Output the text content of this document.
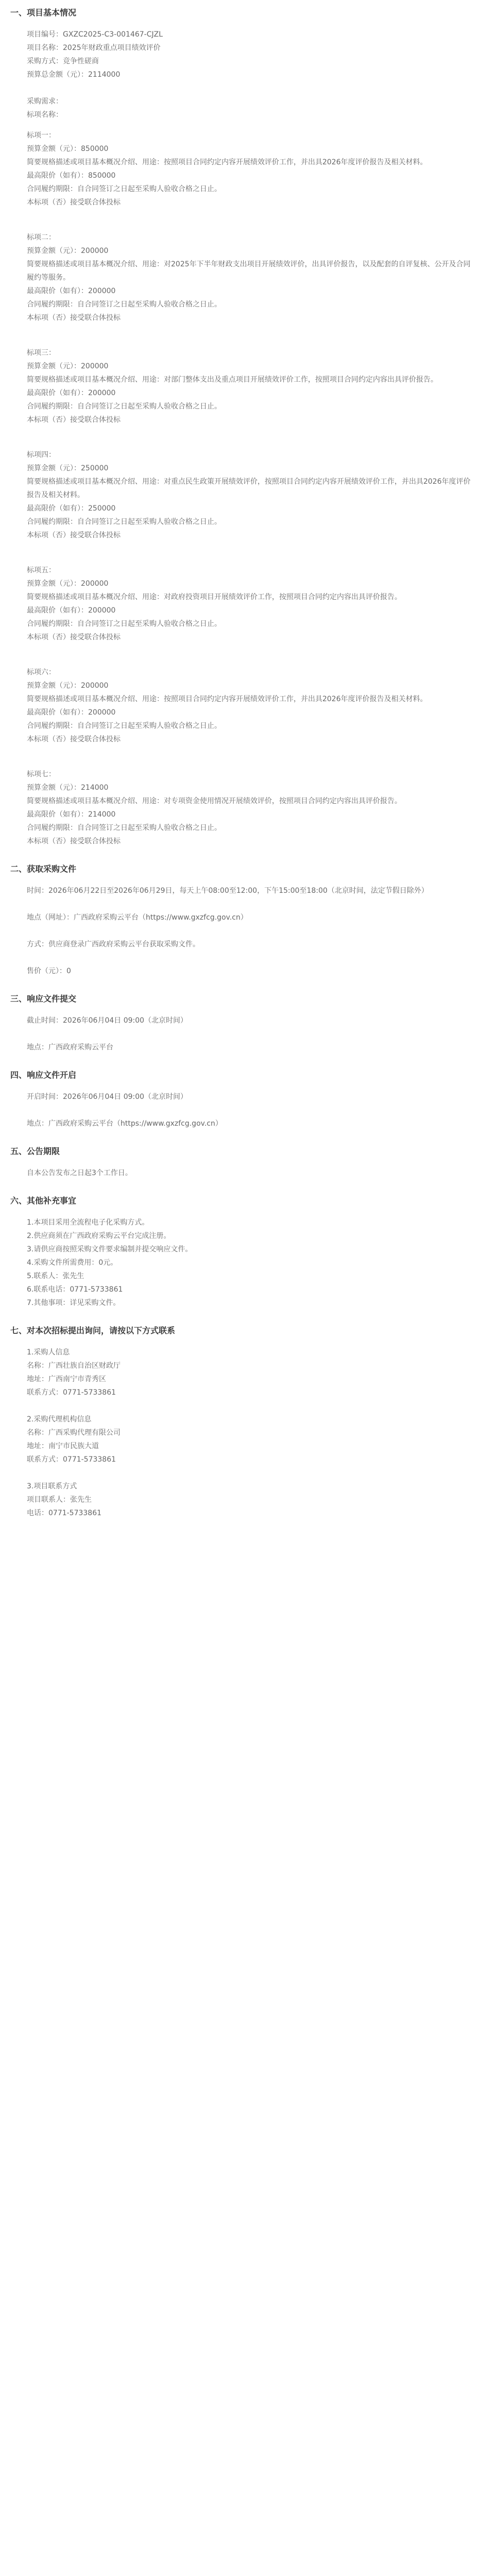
一、项目基本情况
项目编号：GXZC2025-C3-001467-CJZL
项目名称：2025年财政重点项目绩效评价
采购方式：竞争性磋商
预算总金额（元）：2114000
采购需求：
标项名称：
标项一：
预算金额（元）：850000
简要规格描述或项目基本概况介绍、用途：按照项目合同约定内容开展绩效评价工作，并出具2026年度评价报告及相关材料。
最高限价（如有）：850000
合同履约期限：自合同签订之日起至采购人验收合格之日止。
本标项（否）接受联合体投标
标项二：
预算金额（元）：200000
简要规格描述或项目基本概况介绍、用途：对2025年下半年财政支出项目开展绩效评价，出具评价报告，以及配套的自评复核、公开及合同履约等服务。
最高限价（如有）：200000
合同履约期限：自合同签订之日起至采购人验收合格之日止。
本标项（否）接受联合体投标
标项三：
预算金额（元）：200000
简要规格描述或项目基本概况介绍、用途：对部门整体支出及重点项目开展绩效评价工作，按照项目合同约定内容出具评价报告。
最高限价（如有）：200000
合同履约期限：自合同签订之日起至采购人验收合格之日止。
本标项（否）接受联合体投标
标项四：
预算金额（元）：250000
简要规格描述或项目基本概况介绍、用途：对重点民生政策开展绩效评价，按照项目合同约定内容开展绩效评价工作，并出具2026年度评价报告及相关材料。
最高限价（如有）：250000
合同履约期限：自合同签订之日起至采购人验收合格之日止。
本标项（否）接受联合体投标
标项五：
预算金额（元）：200000
简要规格描述或项目基本概况介绍、用途：对政府投资项目开展绩效评价工作，按照项目合同约定内容出具评价报告。
最高限价（如有）：200000
合同履约期限：自合同签订之日起至采购人验收合格之日止。
本标项（否）接受联合体投标
标项六：
预算金额（元）：200000
简要规格描述或项目基本概况介绍、用途：按照项目合同约定内容开展绩效评价工作，并出具2026年度评价报告及相关材料。
最高限价（如有）：200000
合同履约期限：自合同签订之日起至采购人验收合格之日止。
本标项（否）接受联合体投标
标项七：
预算金额（元）：214000
简要规格描述或项目基本概况介绍、用途：对专项资金使用情况开展绩效评价，按照项目合同约定内容出具评价报告。
最高限价（如有）：214000
合同履约期限：自合同签订之日起至采购人验收合格之日止。
本标项（否）接受联合体投标
二、获取采购文件
时间：2026年06月22日至2026年06月29日，每天上午08:00至12:00，下午15:00至18:00（北京时间，法定节假日除外）
地点（网址）：广西政府采购云平台（https://www.gxzfcg.gov.cn）
方式：供应商登录广西政府采购云平台获取采购文件。
售价（元）：0
三、响应文件提交
截止时间：2026年06月04日 09:00（北京时间）
地点：广西政府采购云平台
四、响应文件开启
开启时间：2026年06月04日 09:00（北京时间）
地点：广西政府采购云平台（https://www.gxzfcg.gov.cn）
五、公告期限
自本公告发布之日起3个工作日。
六、其他补充事宜
1.本项目采用全流程电子化采购方式。
2.供应商须在广西政府采购云平台完成注册。
3.请供应商按照采购文件要求编制并提交响应文件。
4.采购文件所需费用：0元。
5.联系人：张先生
6.联系电话：0771-5733861
7.其他事项：详见采购文件。
七、对本次招标提出询问，请按以下方式联系
1.采购人信息
名称：广西壮族自治区财政厅
地址：广西南宁市青秀区
联系方式：0771-5733861
2.采购代理机构信息
名称：广西采购代理有限公司
地址：南宁市民族大道
联系方式：0771-5733861
3.项目联系方式
项目联系人：张先生
电话：0771-5733861
